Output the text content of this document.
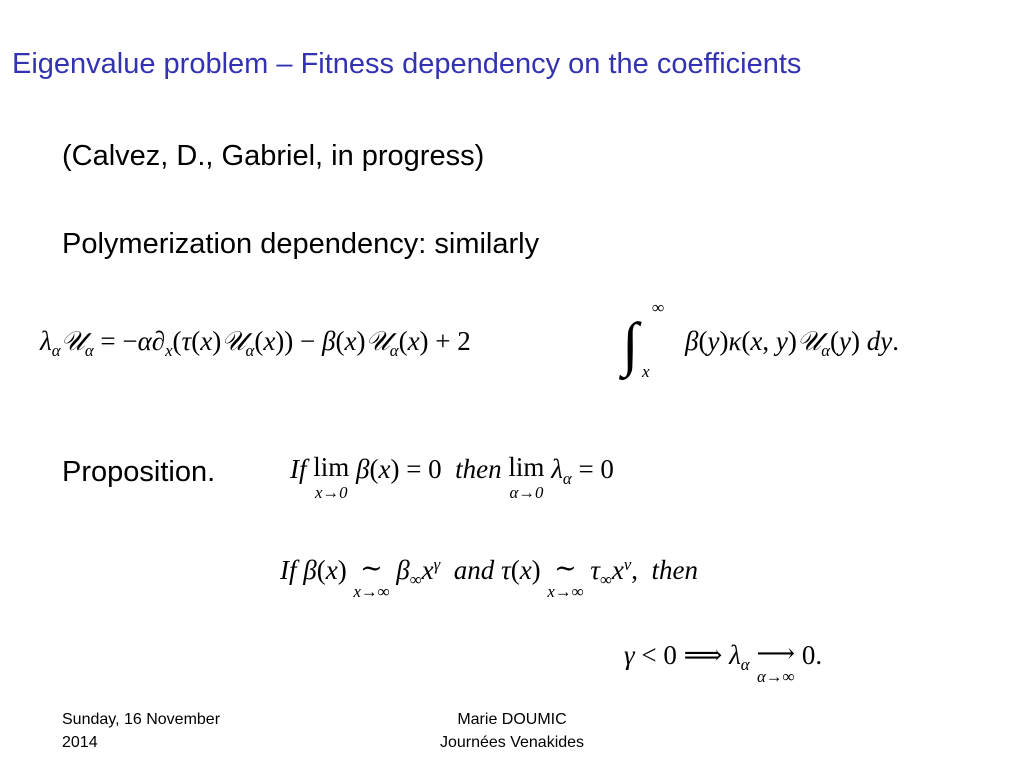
Eigenvalue problem – Fitness dependency on the coefficients
(Calvez, D., Gabriel, in progress)
Polymerization dependency: similarly
$\lambda_\alpha 𝒰_\alpha$ = $-\alpha\partial_x(\tau(x)𝒰_\alpha(x))$ − β(x)𝒰$_\alpha$(x) + 2	∫
∞
x
β(y)κ(x, y)𝒰$_\alpha$(y) dy.
Proposition.	If lim
x→0
β(x) = 0 then lim
α→0
$\lambda_\alpha = 0$
If β(x) ∼
x→∞
$\beta_\infty x^\gamma$ and τ(x) ∼
x→∞
$\tau_\infty x^\nu$, then
γ < 0 ⟹ $\lambda_\alpha$ ⟶
α→∞
0.
Sunday, 16 November
2014
Marie DOUMIC
Journées Venakides
